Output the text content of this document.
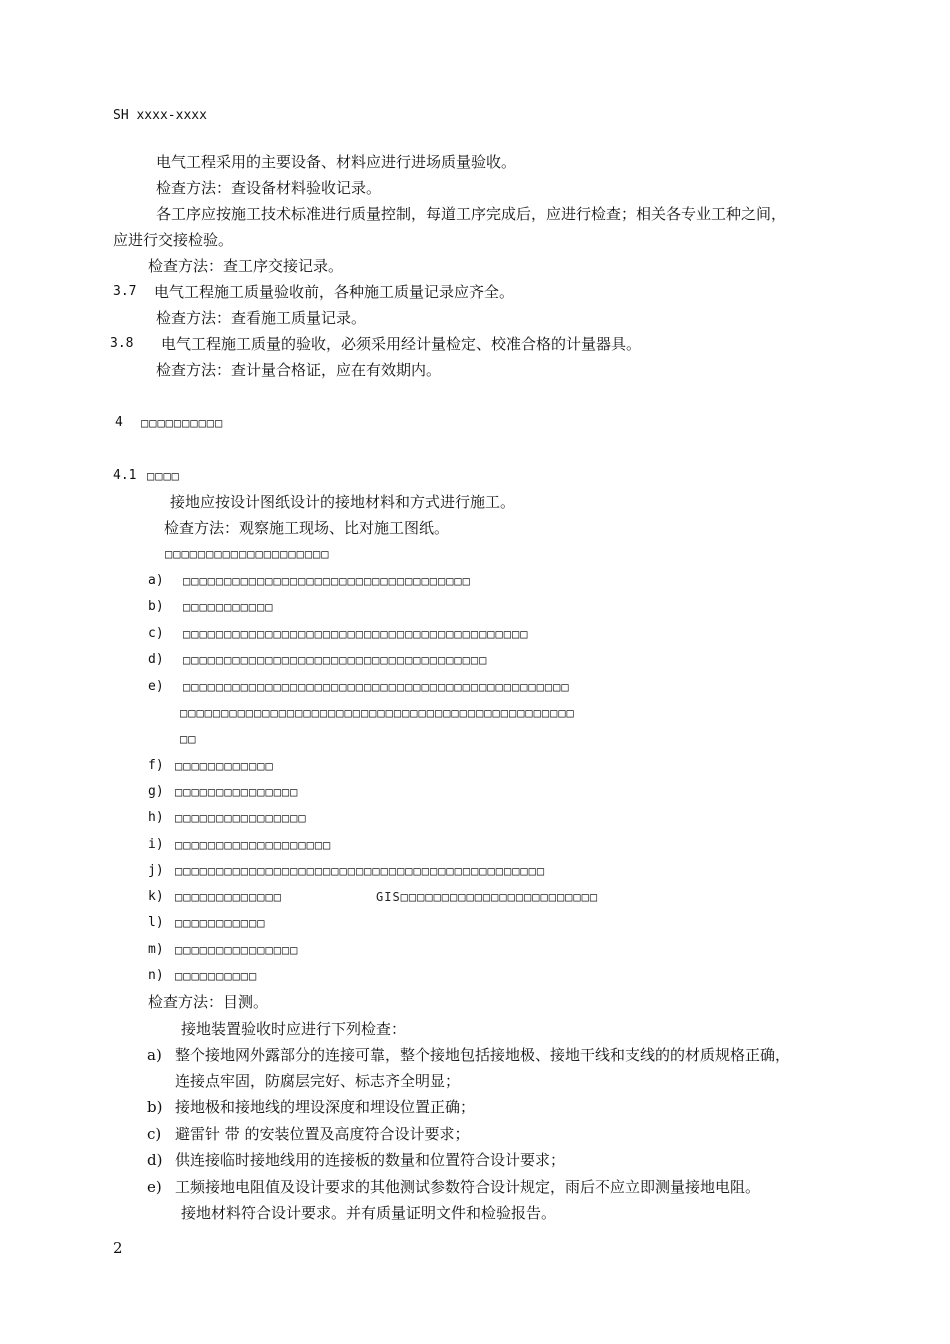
SH xxxx-xxxx
电气工程采用的主要设备、材料应进行进场质量验收。
检查方法：查设备材料验收记录。
各工序应按施工技术标准进行质量控制，每道工序完成后，应进行检查；相关各专业工种之间，
应进行交接检验。
检查方法：查工序交接记录。
3.7 电气工程施工质量验收前，各种施工质量记录应齐全。
检查方法：查看施工质量记录。
3.8 电气工程施工质量的验收，必须采用经计量检定、校准合格的计量器具。
检查方法：查计量合格证，应在有效期内。
4 □□□□□□□□□□
4.1 □□□□
接地应按设计图纸设计的接地材料和方式进行施工。
检查方法：观察施工现场、比对施工图纸。
□□□□□□□□□□□□□□□□□□□□
a) □□□□□□□□□□□□□□□□□□□□□□□□□□□□□□□□□□□
b) □□□□□□□□□□□
c) □□□□□□□□□□□□□□□□□□□□□□□□□□□□□□□□□□□□□□□□□□
d) □□□□□□□□□□□□□□□□□□□□□□□□□□□□□□□□□□□□□
e) □□□□□□□□□□□□□□□□□□□□□□□□□□□□□□□□□□□□□□□□□□□□□□□
□□□□□□□□□□□□□□□□□□□□□□□□□□□□□□□□□□□□□□□□□□□□□□□□
□□
f) □□□□□□□□□□□□
g) □□□□□□□□□□□□□□□
h) □□□□□□□□□□□□□□□□
i) □□□□□□□□□□□□□□□□□□□
j) □□□□□□□□□□□□□□□□□□□□□□□□□□□□□□□□□□□□□□□□□□□□□
k) □□□□□□□□□□□□□	GIS□□□□□□□□□□□□□□□□□□□□□□□□
l) □□□□□□□□□□□
m) □□□□□□□□□□□□□□□
n) □□□□□□□□□□
检查方法：目测。
接地装置验收时应进行下列检查：
a) 整个接地网外露部分的连接可靠，整个接地包括接地极、接地干线和支线的的材质规格正确，
连接点牢固，防腐层完好、标志齐全明显；
b) 接地极和接地线的埋设深度和埋设位置正确；
c) 避雷针 带 的安装位置及高度符合设计要求；
d) 供连接临时接地线用的连接板的数量和位置符合设计要求；
e) 工频接地电阻值及设计要求的其他测试参数符合设计规定，雨后不应立即测量接地电阻。
接地材料符合设计要求。并有质量证明文件和检验报告。
2
